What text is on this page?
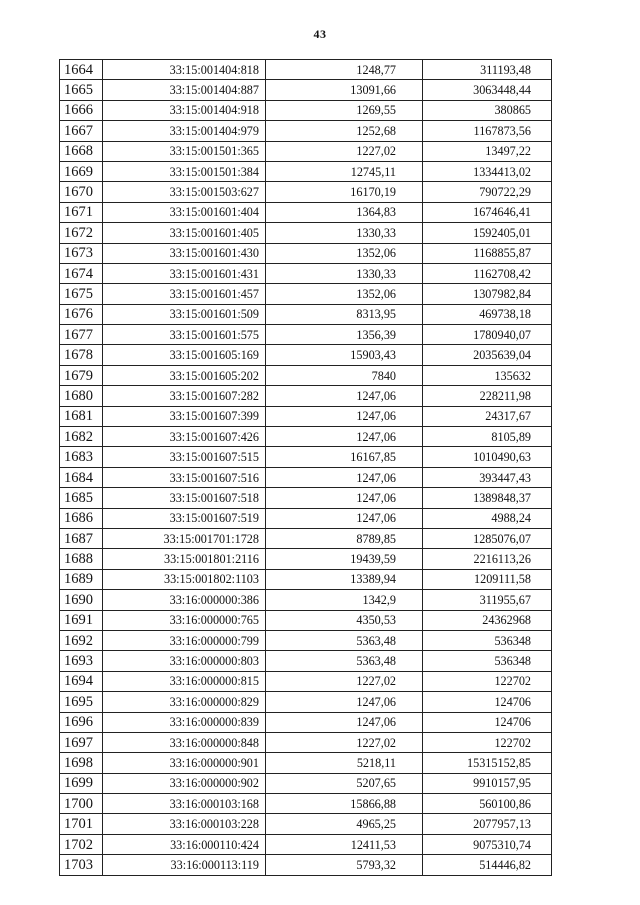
43
1664	33:15:001404:818	1248,77	311193,48
1665	33:15:001404:887	13091,66	3063448,44
1666	33:15:001404:918	1269,55	380865
1667	33:15:001404:979	1252,68	1167873,56
1668	33:15:001501:365	1227,02	13497,22
1669	33:15:001501:384	12745,11	1334413,02
1670	33:15:001503:627	16170,19	790722,29
1671	33:15:001601:404	1364,83	1674646,41
1672	33:15:001601:405	1330,33	1592405,01
1673	33:15:001601:430	1352,06	1168855,87
1674	33:15:001601:431	1330,33	1162708,42
1675	33:15:001601:457	1352,06	1307982,84
1676	33:15:001601:509	8313,95	469738,18
1677	33:15:001601:575	1356,39	1780940,07
1678	33:15:001605:169	15903,43	2035639,04
1679	33:15:001605:202	7840	135632
1680	33:15:001607:282	1247,06	228211,98
1681	33:15:001607:399	1247,06	24317,67
1682	33:15:001607:426	1247,06	8105,89
1683	33:15:001607:515	16167,85	1010490,63
1684	33:15:001607:516	1247,06	393447,43
1685	33:15:001607:518	1247,06	1389848,37
1686	33:15:001607:519	1247,06	4988,24
1687	33:15:001701:1728	8789,85	1285076,07
1688	33:15:001801:2116	19439,59	2216113,26
1689	33:15:001802:1103	13389,94	1209111,58
1690	33:16:000000:386	1342,9	311955,67
1691	33:16:000000:765	4350,53	24362968
1692	33:16:000000:799	5363,48	536348
1693	33:16:000000:803	5363,48	536348
1694	33:16:000000:815	1227,02	122702
1695	33:16:000000:829	1247,06	124706
1696	33:16:000000:839	1247,06	124706
1697	33:16:000000:848	1227,02	122702
1698	33:16:000000:901	5218,11	15315152,85
1699	33:16:000000:902	5207,65	9910157,95
1700	33:16:000103:168	15866,88	560100,86
1701	33:16:000103:228	4965,25	2077957,13
1702	33:16:000110:424	12411,53	9075310,74
1703	33:16:000113:119	5793,32	514446,82
